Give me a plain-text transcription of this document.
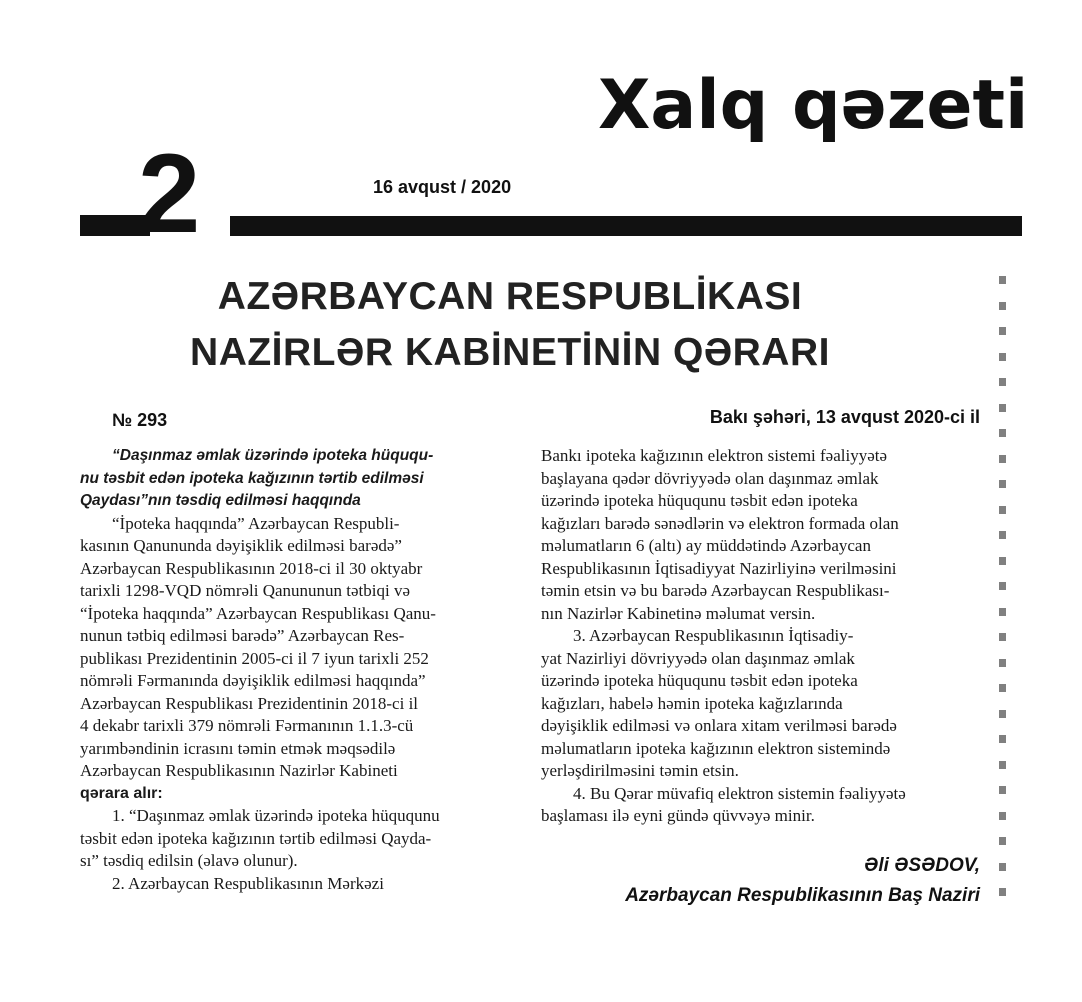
Xalq qəzeti
2	16 avqust / 2020
AZƏRBAYCAN RESPUBLİKASI
NAZİRLƏR KABİNETİNİN QƏRARI
№ 293	Bakı şəhəri, 13 avqust 2020-ci il
“Daşınmaz əmlak üzərində ipoteka hüququ-
nu təsbit edən ipoteka kağızının tərtib edilməsi
Qaydası”nın təsdiq edilməsi haqqında
“İpoteka haqqında” Azərbaycan Respubli-
kasının Qanununda dəyişiklik edilməsi barədə”
Azərbaycan Respublikasının 2018-ci il 30 oktyabr
tarixli 1298-VQD nömrəli Qanununun tətbiqi və
“İpoteka haqqında” Azərbaycan Respublikası Qanu-
nunun tətbiq edilməsi barədə” Azərbaycan Res-
publikası Prezidentinin 2005-ci il 7 iyun tarixli 252
nömrəli Fərmanında dəyişiklik edilməsi haqqında”
Azərbaycan Respublikası Prezidentinin 2018-ci il
4 dekabr tarixli 379 nömrəli Fərmanının 1.1.3-cü
yarımbəndinin icrasını təmin etmək məqsədilə
Azərbaycan Respublikasının Nazirlər Kabineti
qərara alır:
1. “Daşınmaz əmlak üzərində ipoteka hüququnu
təsbit edən ipoteka kağızının tərtib edilməsi Qayda-
sı” təsdiq edilsin (əlavə olunur).
2. Azərbaycan Respublikasının Mərkəzi
Bankı ipoteka kağızının elektron sistemi fəaliyyətə
başlayana qədər dövriyyədə olan daşınmaz əmlak
üzərində ipoteka hüququnu təsbit edən ipoteka
kağızları barədə sənədlərin və elektron formada olan
məlumatların 6 (altı) ay müddətində Azərbaycan
Respublikasının İqtisadiyyat Nazirliyinə verilməsini
təmin etsin və bu barədə Azərbaycan Respublikası-
nın Nazirlər Kabinetinə məlumat versin.
3. Azərbaycan Respublikasının İqtisadiy-
yat Nazirliyi dövriyyədə olan daşınmaz əmlak
üzərində ipoteka hüququnu təsbit edən ipoteka
kağızları, habelə həmin ipoteka kağızlarında
dəyişiklik edilməsi və onlara xitam verilməsi barədə
məlumatların ipoteka kağızının elektron sistemində
yerləşdirilməsini təmin etsin.
4. Bu Qərar müvafiq elektron sistemin fəaliyyətə
başlaması ilə eyni gündə qüvvəyə minir.
Əli ƏSƏDOV,
Azərbaycan Respublikasının Baş Naziri
